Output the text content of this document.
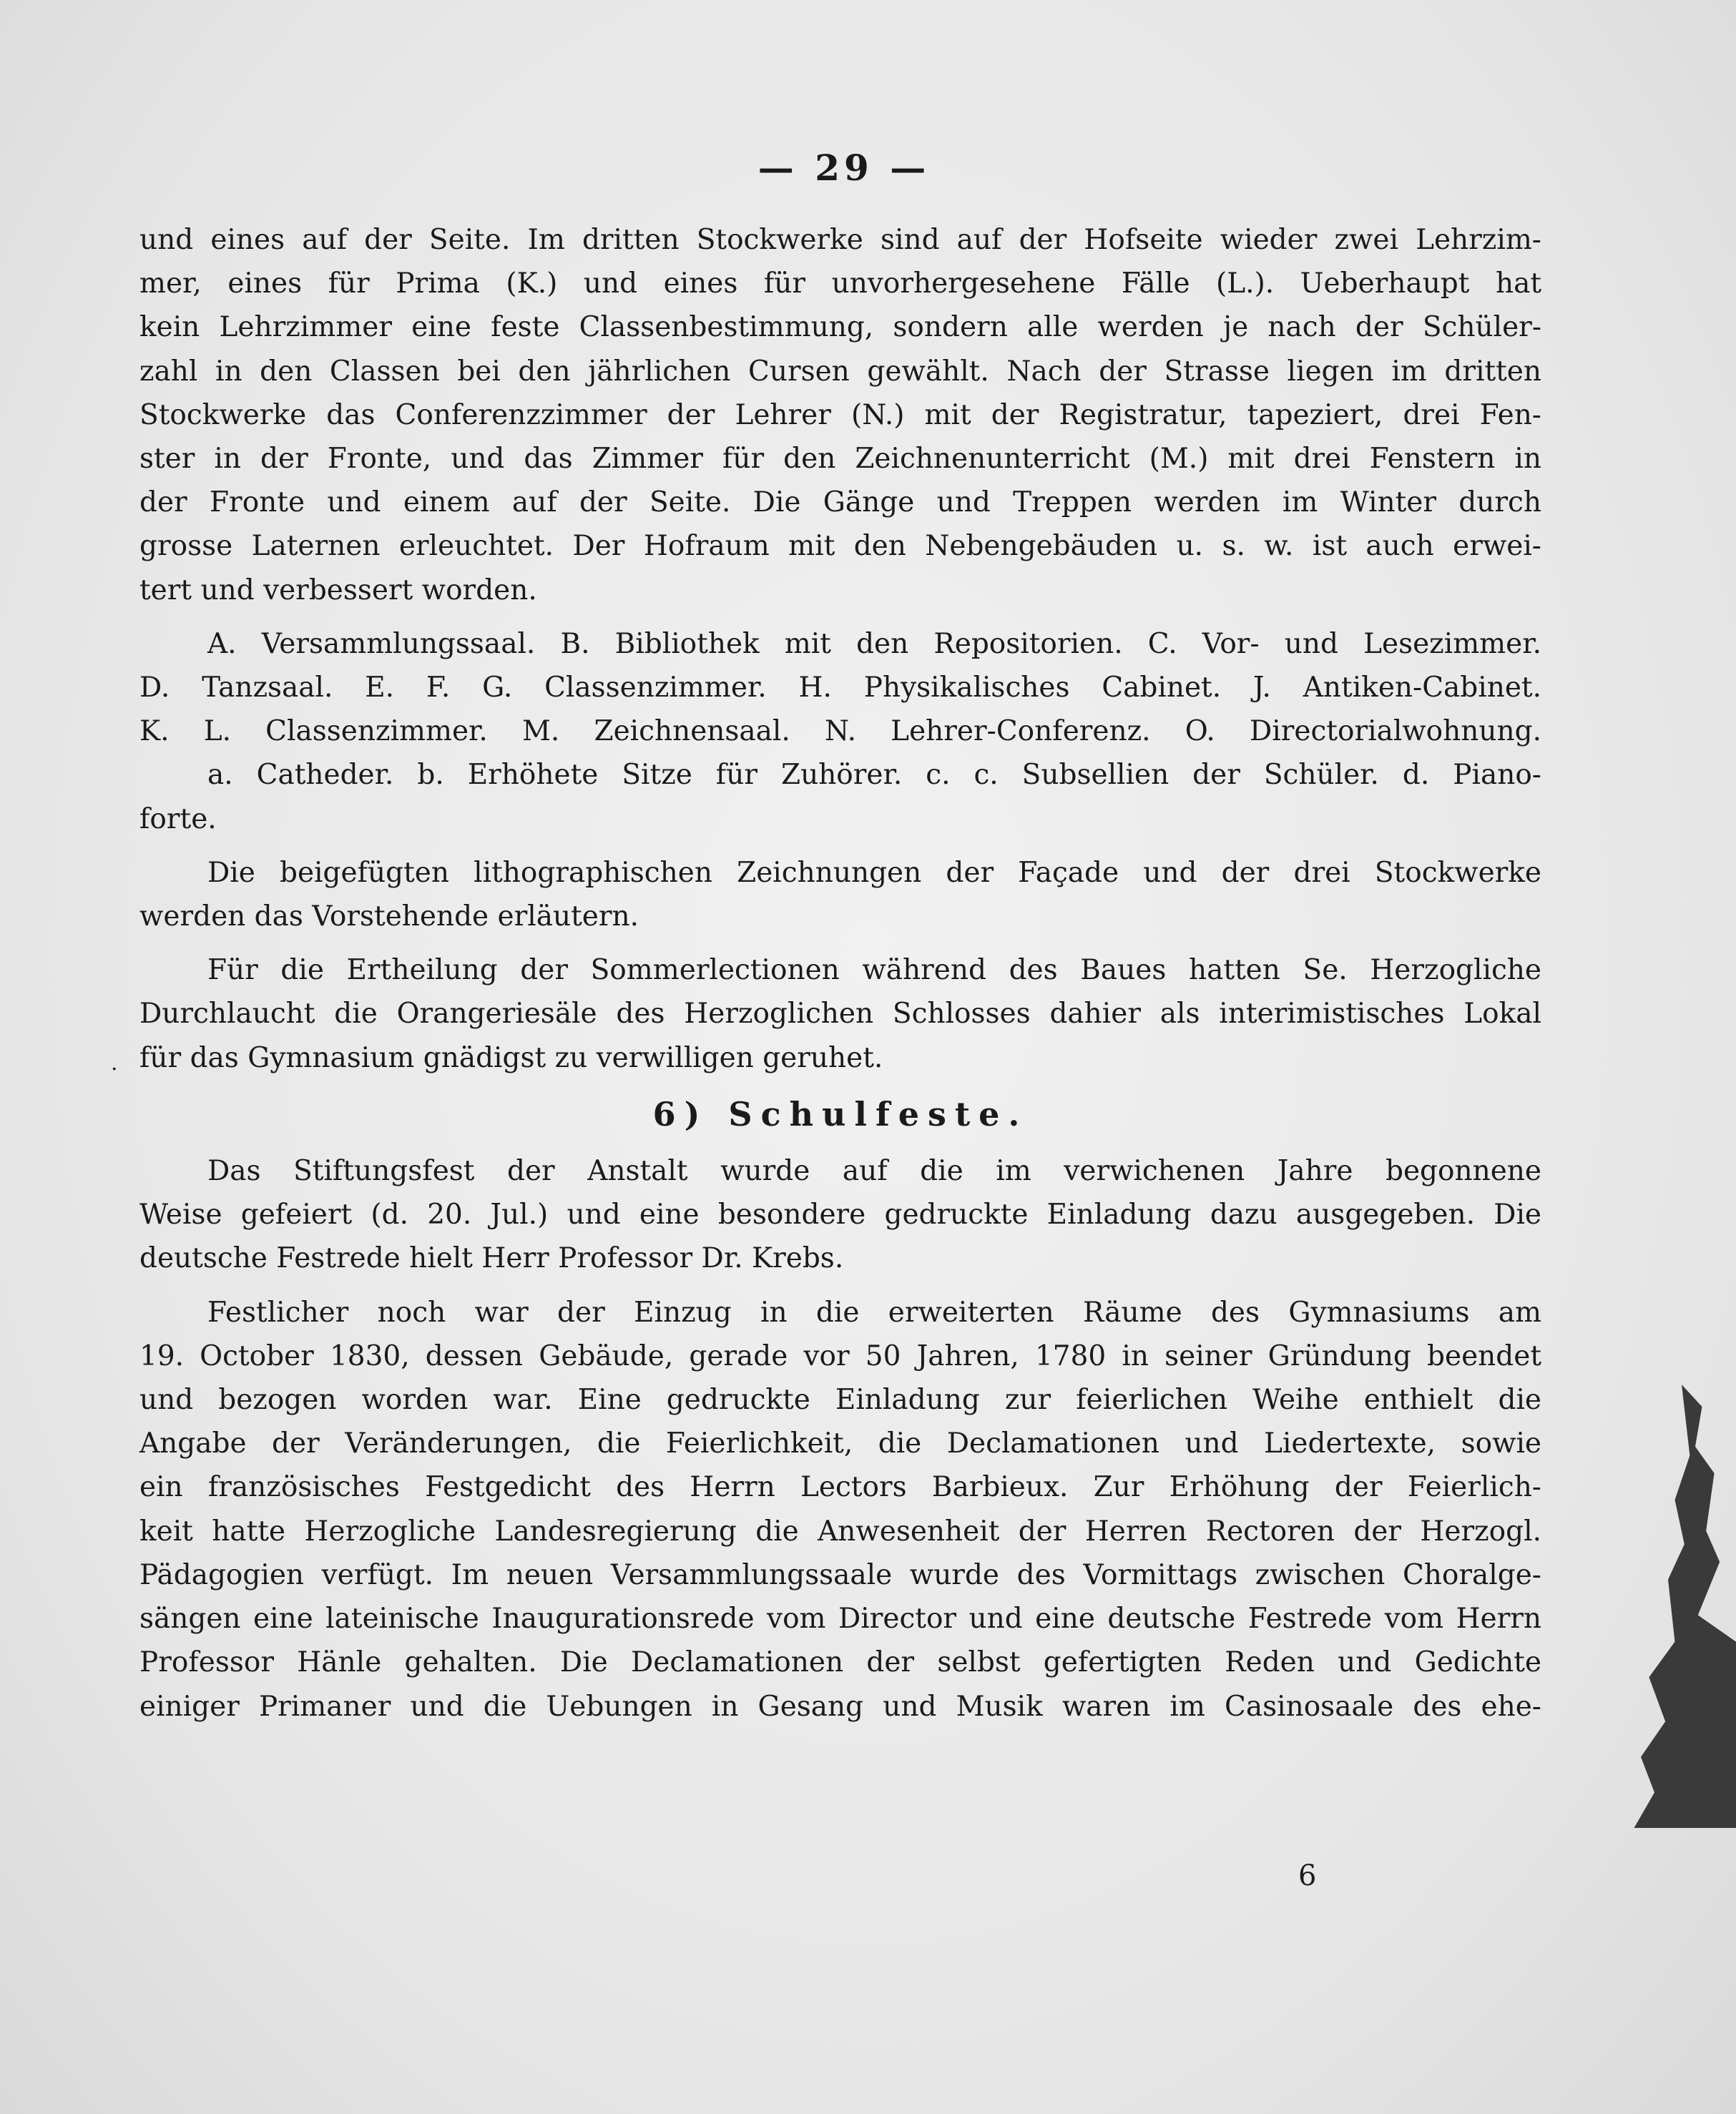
— 29 —
und eines auf der Seite. Im dritten Stockwerke sind auf der Hofseite wieder zwei Lehrzim-
mer, eines für Prima (K.) und eines für unvorhergesehene Fälle (L.). Ueberhaupt hat
kein Lehrzimmer eine feste Classenbestimmung, sondern alle werden je nach der Schüler-
zahl in den Classen bei den jährlichen Cursen gewählt. Nach der Strasse liegen im dritten
Stockwerke das Conferenzzimmer der Lehrer (N.) mit der Registratur, tapeziert, drei Fen-
ster in der Fronte, und das Zimmer für den Zeichnenunterricht (M.) mit drei Fenstern in
der Fronte und einem auf der Seite. Die Gänge und Treppen werden im Winter durch
grosse Laternen erleuchtet. Der Hofraum mit den Nebengebäuden u. s. w. ist auch erwei-
tert und verbessert worden.
A. Versammlungssaal. B. Bibliothek mit den Repositorien. C. Vor- und Lesezimmer.
D. Tanzsaal. E. F. G. Classenzimmer. H. Physikalisches Cabinet. J. Antiken-Cabinet.
K. L. Classenzimmer. M. Zeichnensaal. N. Lehrer-Conferenz. O. Directorialwohnung.
a. Catheder. b. Erhöhete Sitze für Zuhörer. c. c. Subsellien der Schüler. d. Piano-
forte.
Die beigefügten lithographischen Zeichnungen der Façade und der drei Stockwerke
werden das Vorstehende erläutern.
Für die Ertheilung der Sommerlectionen während des Baues hatten Se. Herzogliche
Durchlaucht die Orangeriesäle des Herzoglichen Schlosses dahier als interimistisches Lokal
für das Gymnasium gnädigst zu verwilligen geruhet.
6) Schulfeste.
Das Stiftungsfest der Anstalt wurde auf die im verwichenen Jahre begonnene
Weise gefeiert (d. 20. Jul.) und eine besondere gedruckte Einladung dazu ausgegeben. Die
deutsche Festrede hielt Herr Professor Dr. Krebs.
Festlicher noch war der Einzug in die erweiterten Räume des Gymnasiums am
19. October 1830, dessen Gebäude, gerade vor 50 Jahren, 1780 in seiner Gründung beendet
und bezogen worden war. Eine gedruckte Einladung zur feierlichen Weihe enthielt die
Angabe der Veränderungen, die Feierlichkeit, die Declamationen und Liedertexte, sowie
ein französisches Festgedicht des Herrn Lectors Barbieux. Zur Erhöhung der Feierlich-
keit hatte Herzogliche Landesregierung die Anwesenheit der Herren Rectoren der Herzogl.
Pädagogien verfügt. Im neuen Versammlungssaale wurde des Vormittags zwischen Choralge-
sängen eine lateinische Inaugurationsrede vom Director und eine deutsche Festrede vom Herrn
Professor Hänle gehalten. Die Declamationen der selbst gefertigten Reden und Gedichte
einiger Primaner und die Uebungen in Gesang und Musik waren im Casinosaale des ehe-
6
·
